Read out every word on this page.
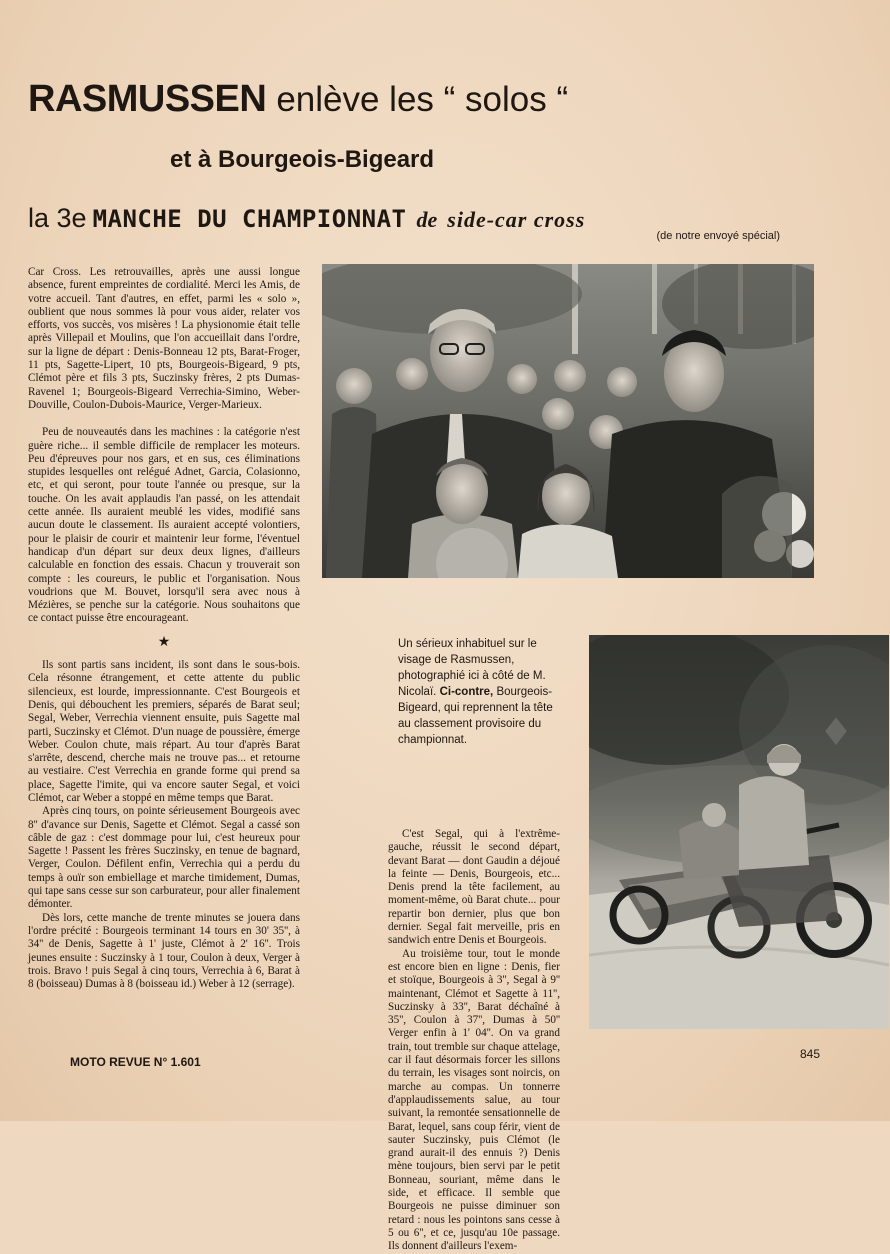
RASMUSSEN enlève les “ solos “
et à Bourgeois-Bigeard
la 3e MANCHE DU CHAMPIONNAT de side-car cross
(de notre envoyé spécial)

Car Cross. Les retrouvailles, après une aussi longue absence, furent empreintes de cordialité. Merci les Amis, de votre accueil. Tant d'autres, en effet, parmi les « solo », oublient que nous sommes là pour vous aider, relater vos efforts, vos succès, vos misères ! La physionomie était telle après Villepail et Moulins, que l'on accueillait dans l'ordre, sur la ligne de départ : Denis-Bonneau 12 pts, Barat-Froger, 11 pts, Sagette-Lipert, 10 pts, Bourgeois-Bigeard, 9 pts, Clémot père et fils 3 pts, Suczinsky frères, 2 pts Dumas-Ravenel 1; Bourgeois-Bigeard Verrechia-Simino, Weber-Douville, Coulon-Dubois-Maurice, Verger-Marieux.

Peu de nouveautés dans les machines : la catégorie n'est guère riche... il semble difficile de remplacer les moteurs. Peu d'épreuves pour nos gars, et en sus, ces éliminations stupides lesquelles ont relégué Adnet, Garcia, Colasionno, etc, et qui seront, pour toute l'année ou presque, sur la touche. On les avait applaudis l'an passé, on les attendait cette année. Ils auraient meublé les vides, modifié sans aucun doute le classement. Ils auraient accepté volontiers, pour le plaisir de courir et maintenir leur forme, l'éventuel handicap d'un départ sur deux deux lignes, d'ailleurs calculable en fonction des essais. Chacun y trouverait son compte : les coureurs, le public et l'organisation. Nous voudrions que M. Bouvet, lorsqu'il sera avec nous à Mézières, se penche sur la catégorie. Nous souhaitons que ce contact puisse être encourageant.

★

Ils sont partis sans incident, ils sont dans le sous-bois. Cela résonne étrangement, et cette attente du public silencieux, est lourde, impressionnante. C'est Bourgeois et Denis, qui débouchent les premiers, séparés de Barat seul; Segal, Weber, Verrechia viennent ensuite, puis Sagette mal parti, Suczinsky et Clémot. D'un nuage de poussière, émerge Weber. Coulon chute, mais répart. Au tour d'après Barat s'arrête, descend, cherche mais ne trouve pas... et retourne au vestiaire. C'est Verrechia en grande forme qui prend sa place, Sagette l'imite, qui va encore sauter Segal, et voici Clémot, car Weber a stoppé en même temps que Barat.

Après cinq tours, on pointe sérieusement Bourgeois avec 8'' d'avance sur Denis, Sagette et Clémot. Segal a cassé son câble de gaz : c'est dommage pour lui, c'est heureux pour Sagette ! Passent les frères Suczinsky, en tenue de bagnard, Verger, Coulon. Défilent enfin, Verrechia qui a perdu du temps à ouïr son embiellage et marche timidement, Dumas, qui tape sans cesse sur son carburateur, pour aller finalement démonter.

Dès lors, cette manche de trente minutes se jouera dans l'ordre précité : Bourgeois terminant 14 tours en 30' 35'', à 34'' de Denis, Sagette à 1' juste, Clémot à 2' 16''. Trois jeunes ensuite : Suczinsky à 1 tour, Coulon à deux, Verger à trois. Bravo ! puis Segal à cinq tours, Verrechia à 6, Barat à 8 (boisseau) Dumas à 8 (boisseau id.) Weber à 12 (serrage).

Un sérieux inhabituel sur le visage de Rasmussen, photographié ici à côté de M. Nicolaï. Ci-contre, Bourgeois-Bigeard, qui reprennent la tête au classement provisoire du championnat.

C'est Segal, qui à l'extrême-gauche, réussit le second départ, devant Barat — dont Gaudin a déjoué la feinte — Denis, Bourgeois, etc... Denis prend la tête facilement, au moment-même, où Barat chute... pour repartir bon dernier, plus que bon dernier. Segal fait merveille, pris en sandwich entre Denis et Bourgeois.

Au troisième tour, tout le monde est encore bien en ligne : Denis, fier et stoïque, Bourgeois à 3'', Segal à 9'' maintenant, Clémot et Sagette à 11'', Suczinsky à 33'', Barat déchaîné à 35'', Coulon à 37'', Dumas à 50'' Verger enfin à 1' 04''. On va grand train, tout tremble sur chaque attelage, car il faut désormais forcer les sillons du terrain, les visages sont noircis, on marche au compas. Un tonnerre d'applaudissements salue, au tour suivant, la remontée sensationnelle de Barat, lequel, sans coup férir, vient de sauter Suczinsky, puis Clémot (le grand aurait-il des ennuis ?) Denis mène toujours, bien servi par le petit Bonneau, souriant, même dans le side, et efficace. Il semble que Bourgeois ne puisse diminuer son retard : nous les pointons sans cesse à 5 ou 6'', et ce, jusqu'au 10e passage. Ils donnent d'ailleurs l'exem-

♦
MOTO REVUE N° 1.601
845
